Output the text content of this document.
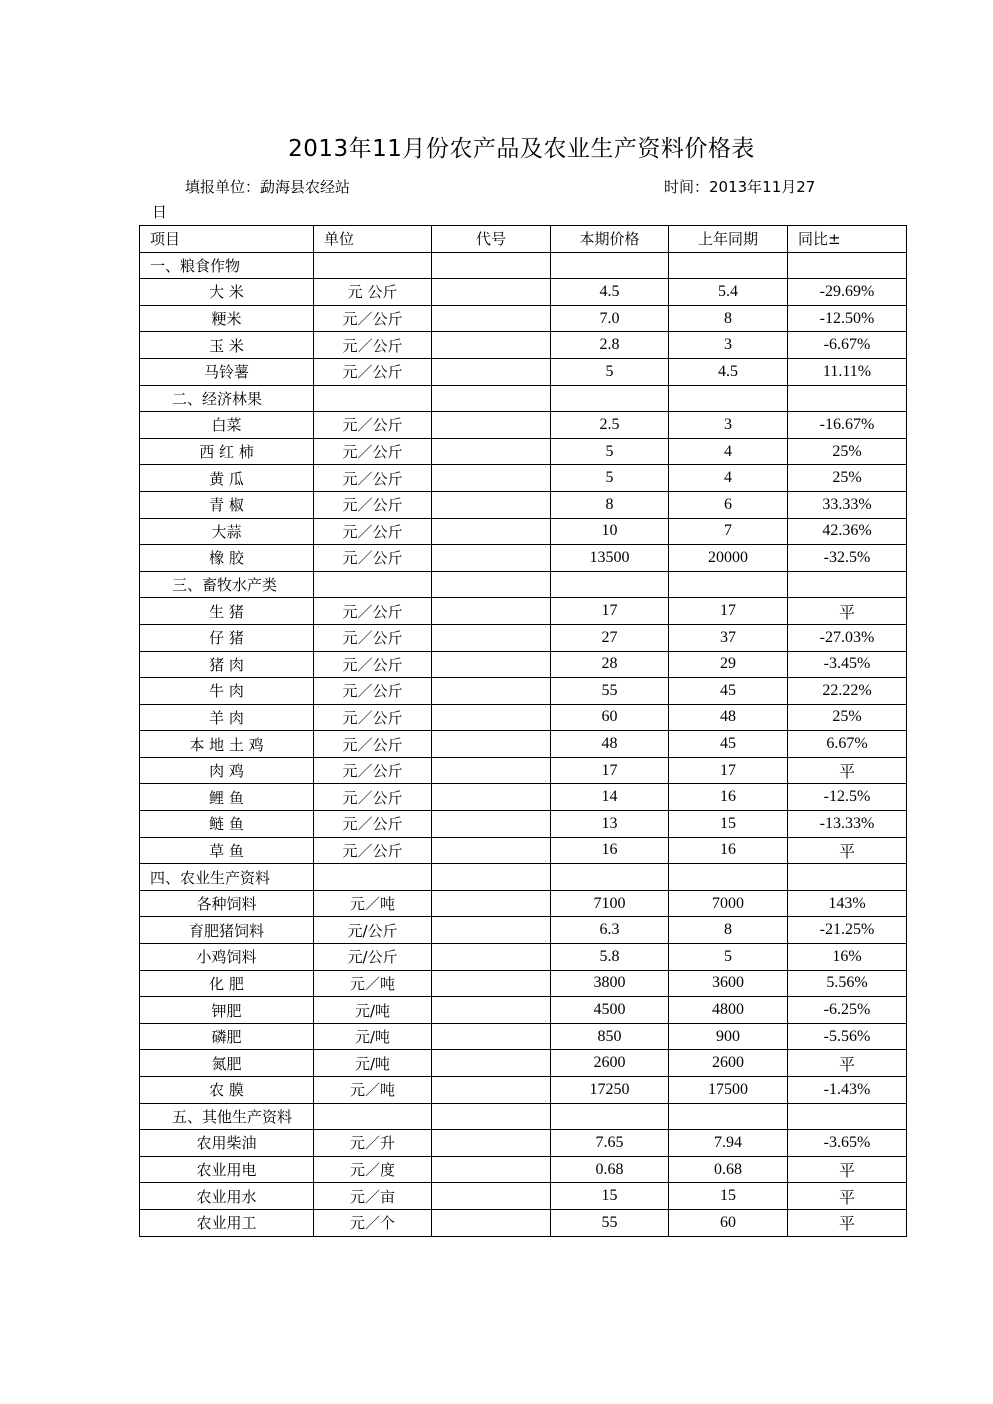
2013年11月份农产品及农业生产资料价格表
填报单位：勐海县农经站	时间：2013年11月27
日
项目	单位	代号	本期价格	上年同期	同比±
一、粮食作物					
大 米	元 公斤		4.5	5.4	-29.69%
粳米	元／公斤		7.0	8	-12.50%
玉 米	元／公斤		2.8	3	-6.67%
马铃薯	元／公斤		5	4.5	11.11%
二、经济林果					
白菜	元／公斤		2.5	3	-16.67%
西 红 柿	元／公斤		5	4	25%
黄 瓜	元／公斤		5	4	25%
青 椒	元／公斤		8	6	33.33%
大蒜	元／公斤		10	7	42.36%
橡 胶	元／公斤		13500	20000	-32.5%
三、畜牧水产类					
生 猪	元／公斤		17	17	平
仔 猪	元／公斤		27	37	-27.03%
猪 肉	元／公斤		28	29	-3.45%
牛 肉	元／公斤		55	45	22.22%
羊 肉	元／公斤		60	48	25%
本 地 土 鸡	元／公斤		48	45	6.67%
肉 鸡	元／公斤		17	17	平
鲤 鱼	元／公斤		14	16	-12.5%
鲢 鱼	元／公斤		13	15	-13.33%
草 鱼	元／公斤		16	16	平
四、农业生产资料					
各种饲料	元／吨		7100	7000	143%
育肥猪饲料	元/公斤		6.3	8	-21.25%
小鸡饲料	元/公斤		5.8	5	16%
化 肥	元／吨		3800	3600	5.56%
钾肥	元/吨		4500	4800	-6.25%
磷肥	元/吨		850	900	-5.56%
氮肥	元/吨		2600	2600	平
农 膜	元／吨		17250	17500	-1.43%
五、其他生产资料					
农用柴油	元／升		7.65	7.94	-3.65%
农业用电	元／度		0.68	0.68	平
农业用水	元／亩		15	15	平
农业用工	元／个		55	60	平
